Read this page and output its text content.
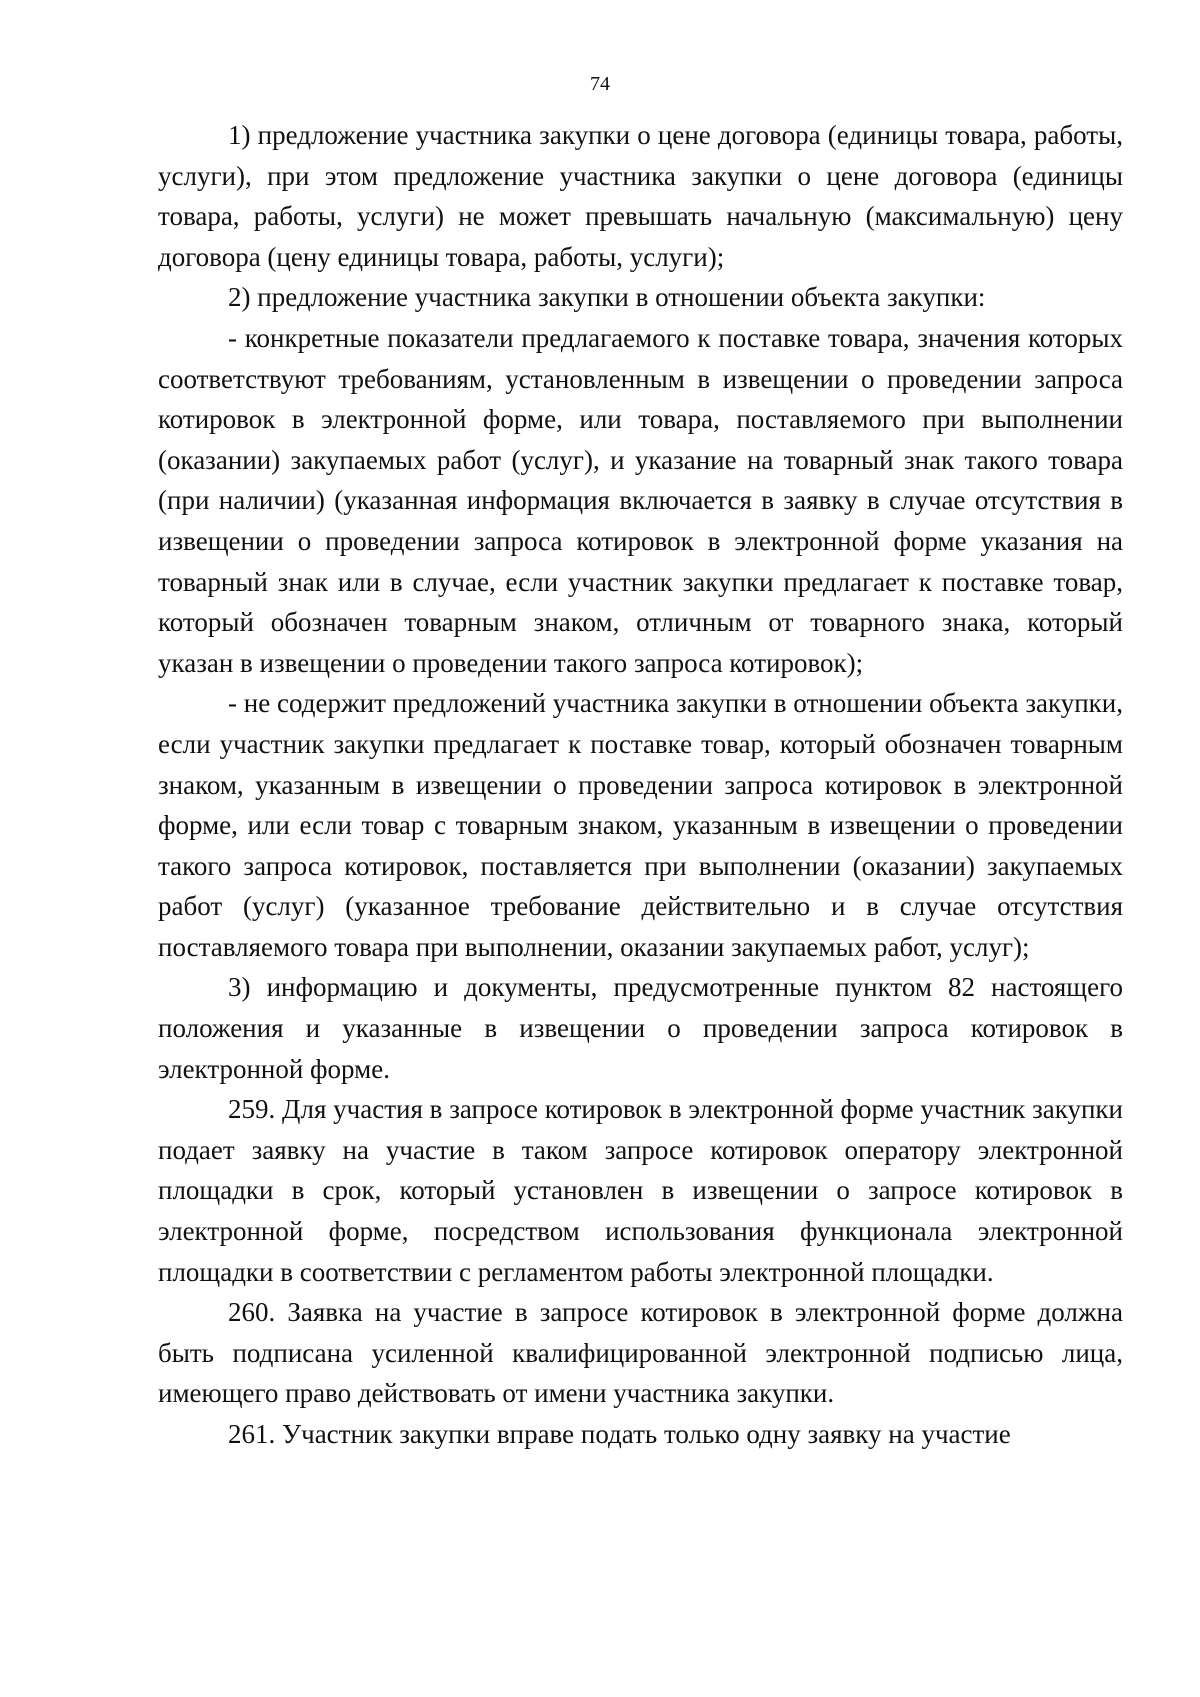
74

1) предложение участника закупки о цене договора (единицы товара, работы, услуги), при этом предложение участника закупки о цене договора (единицы товара, работы, услуги) не может превышать начальную (максимальную) цену договора (цену единицы товара, работы, услуги);

2) предложение участника закупки в отношении объекта закупки:

- конкретные показатели предлагаемого к поставке товара, значения которых соответствуют требованиям, установленным в извещении о проведении запроса котировок в электронной форме, или товара, поставляемого при выполнении (оказании) закупаемых работ (услуг), и указание на товарный знак такого товара (при наличии) (указанная информация включается в заявку в случае отсутствия в извещении о проведении запроса котировок в электронной форме указания на товарный знак или в случае, если участник закупки предлагает к поставке товар, который обозначен товарным знаком, отличным от товарного знака, который указан в извещении о проведении такого запроса котировок);

- не содержит предложений участника закупки в отношении объекта закупки, если участник закупки предлагает к поставке товар, который обозначен товарным знаком, указанным в извещении о проведении запроса котировок в электронной форме, или если товар с товарным знаком, указанным в извещении о проведении такого запроса котировок, поставляется при выполнении (оказании) закупаемых работ (услуг) (указанное требование действительно и в случае отсутствия поставляемого товара при выполнении, оказании закупаемых работ, услуг);

3) информацию и документы, предусмотренные пунктом 82 настоящего положения и указанные в извещении о проведении запроса котировок в электронной форме.

259. Для участия в запросе котировок в электронной форме участник закупки подает заявку на участие в таком запросе котировок оператору электронной площадки в срок, который установлен в извещении о запросе котировок в электронной форме, посредством использования функционала электронной площадки в соответствии с регламентом работы электронной площадки.

260. Заявка на участие в запросе котировок в электронной форме должна быть подписана усиленной квалифицированной электронной подписью лица, имеющего право действовать от имени участника закупки.

261. Участник закупки вправе подать только одну заявку на участие
